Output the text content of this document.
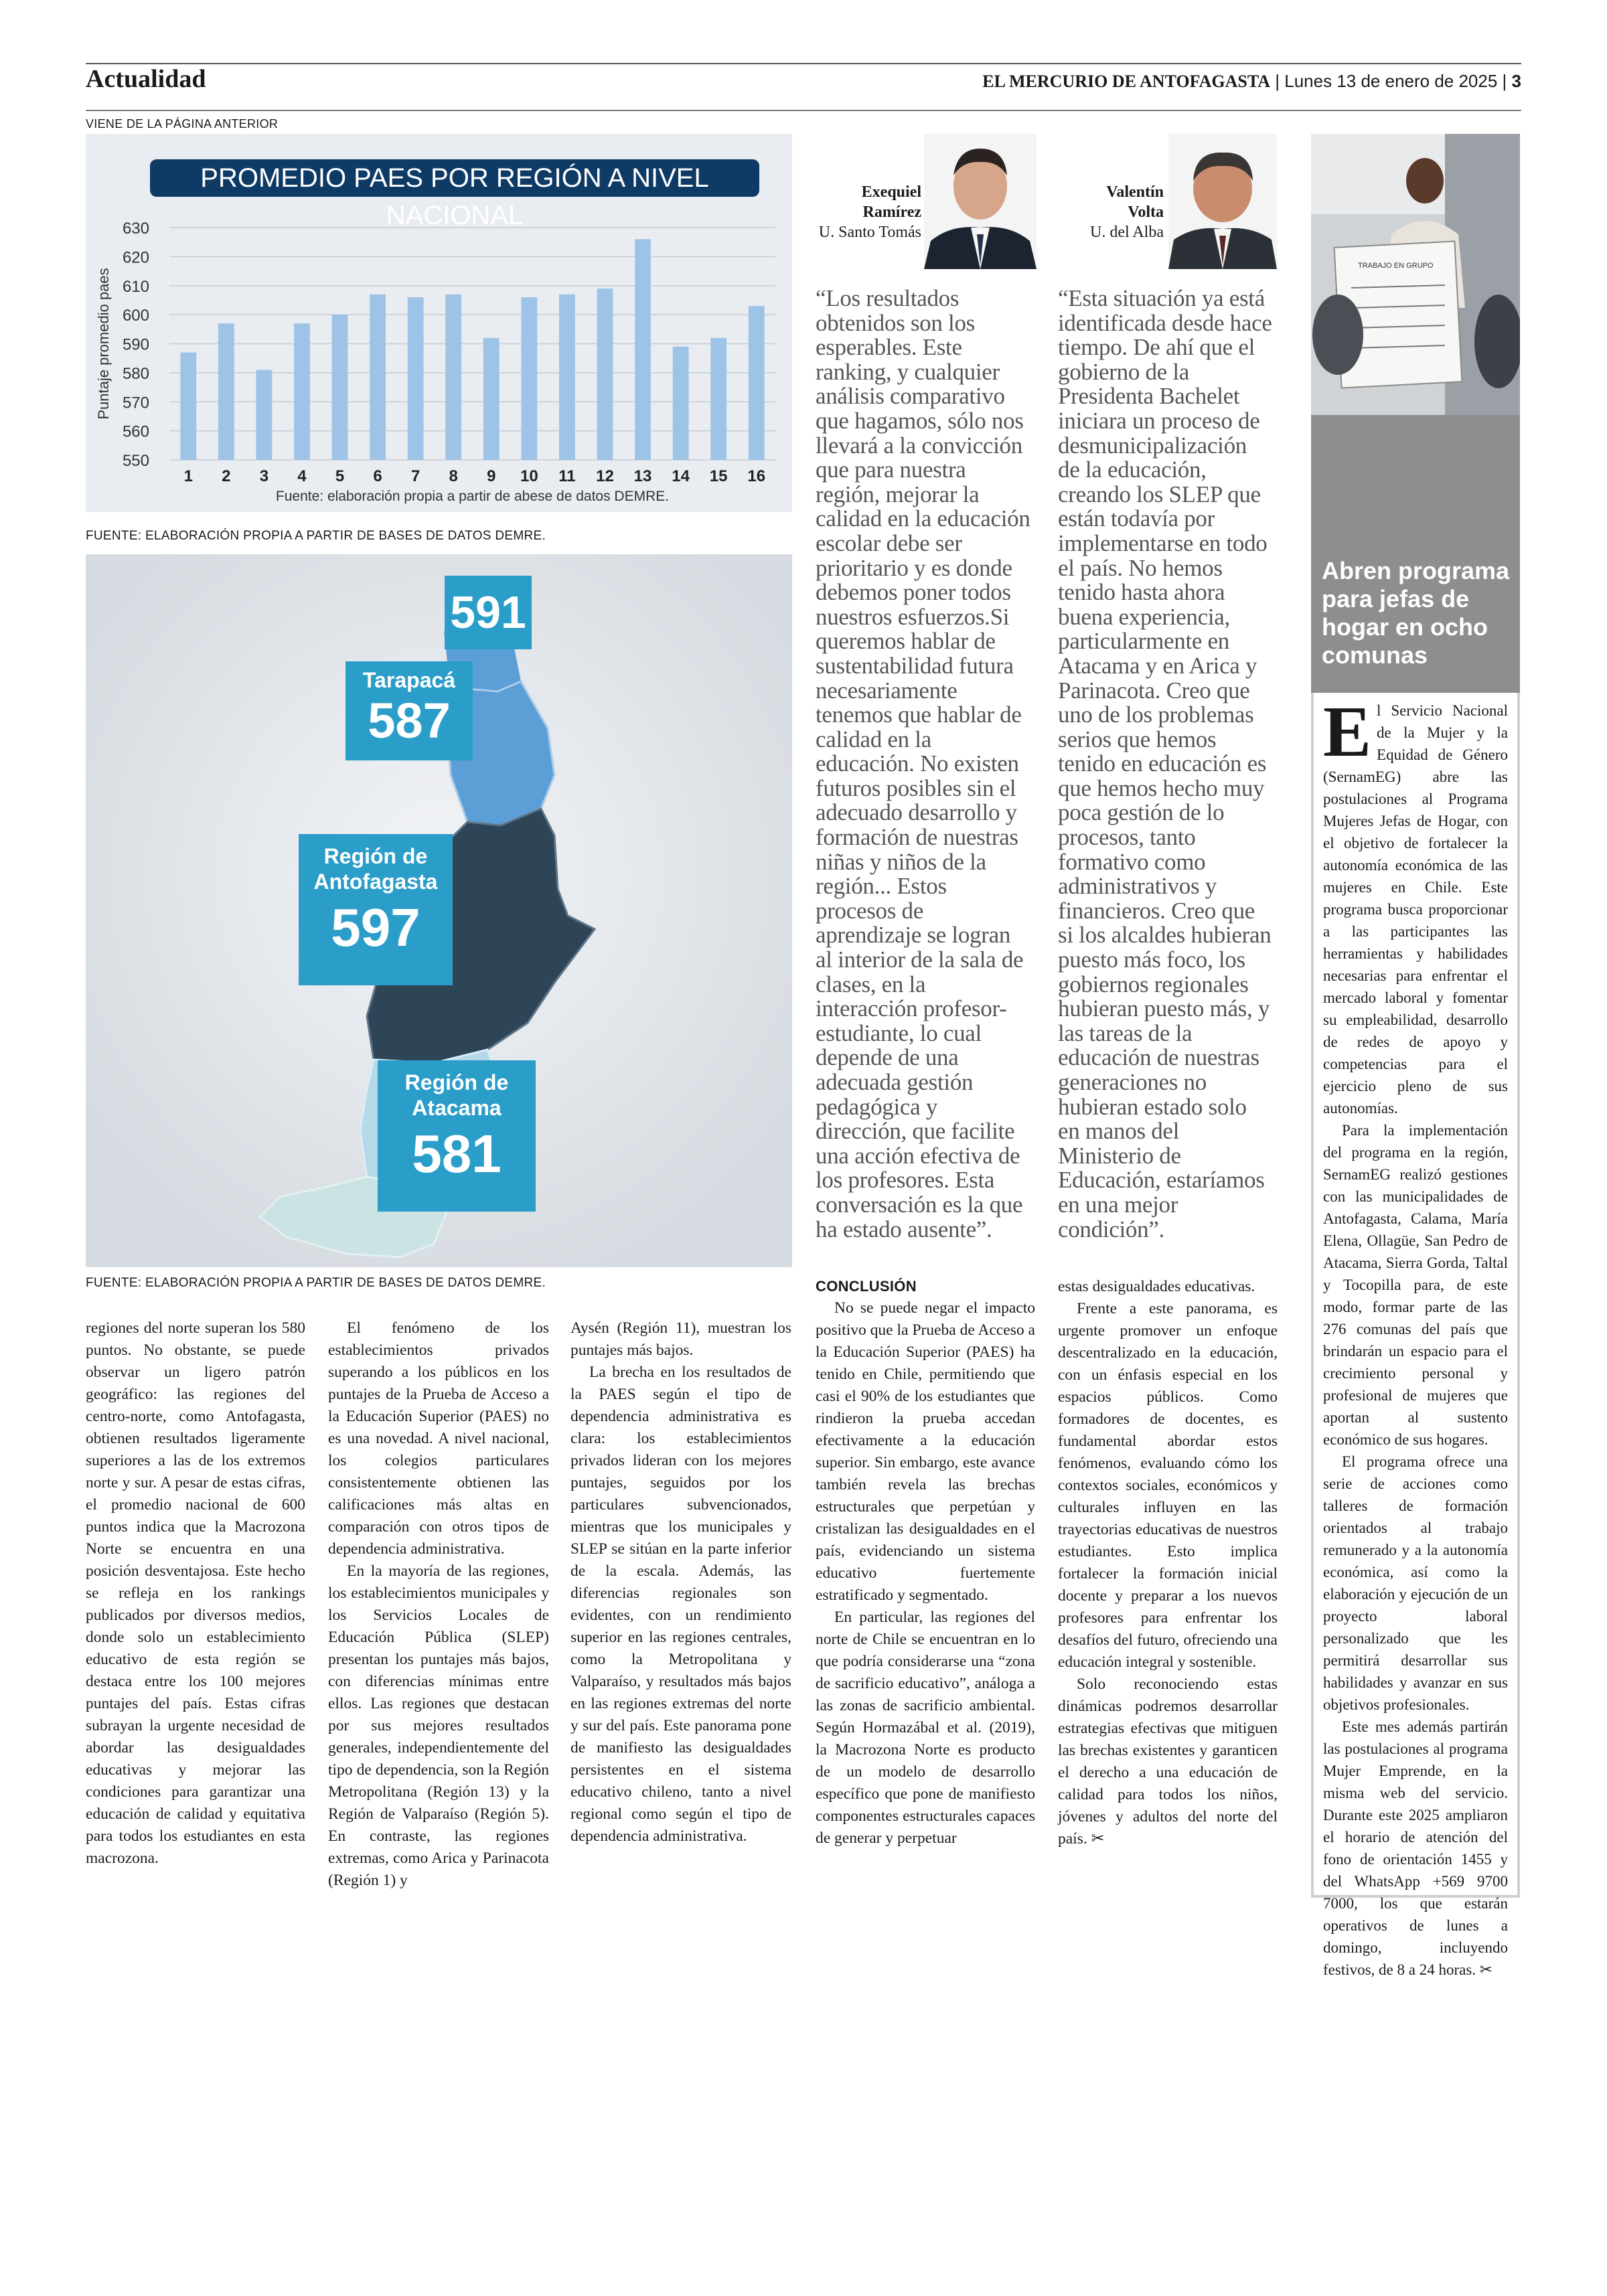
Actualidad	EL MERCURIO DE ANTOFAGASTA | Lunes 13 de enero de 2025 | 3
VIENE DE LA PÁGINA ANTERIOR
PROMEDIO PAES POR REGIÓN A NIVEL NACIONAL
550
560
570
580
590
600
610
620
630
Puntaje promedio paes
1 2 3 4 5 6 7 8 9 10 11 12 13 14 15 16
Fuente: elaboración propia a partir de abese de datos DEMRE.
FUENTE: ELABORACIÓN PROPIA A PARTIR DE BASES DE DATOS DEMRE.
591
Tarapacá
587
Región de Antofagasta
597
Región de Atacama
581
FUENTE: ELABORACIÓN PROPIA A PARTIR DE BASES DE DATOS DEMRE.
Exequiel
Ramírez
U. Santo Tomás
Valentín
Volta
U. del Alba
“Los resultados obtenidos son los esperables. Este ranking, y cualquier análisis comparativo que hagamos, sólo nos llevará a la convicción que para nuestra región, mejorar la calidad en la educación escolar debe ser prioritario y es donde debemos poner todos nuestros esfuerzos.Si queremos hablar de sustentabilidad futura necesariamente tenemos que hablar de calidad en la educación. No existen futuros posibles sin el adecuado desarrollo y formación de nuestras niñas y niños de la región... Estos procesos de aprendizaje se logran al interior de la sala de clases, en la interacción profesor-estudiante, lo cual depende de una adecuada gestión pedagógica y dirección, que facilite una acción efectiva de los profesores. Esta conversación es la que ha estado ausente”.
“Esta situación ya está identificada desde hace tiempo. De ahí que el gobierno de la Presidenta Bachelet iniciara un proceso de desmunicipalización de la educación, creando los SLEP que están todavía por implementarse en todo el país. No hemos tenido hasta ahora buena experiencia, particularmente en Atacama y en Arica y Parinacota. Creo que uno de los problemas serios que hemos tenido en educación es que hemos hecho muy poca gestión de lo procesos, tanto formativo como administrativos y financieros. Creo que si los alcaldes hubieran puesto más foco, los gobiernos regionales hubieran puesto más, y las tareas de la educación de nuestras generaciones no hubieran estado solo en manos del Ministerio de Educación, estaríamos en una mejor condición”.

regiones del norte superan los 580 puntos. No obstante, se puede observar un ligero patrón geográfico: las regiones del centro-norte, como Antofagasta, obtienen resultados ligeramente superiores a las de los extremos norte y sur. A pesar de estas cifras, el promedio nacional de 600 puntos indica que la Macrozona Norte se encuentra en una posición desventajosa. Este hecho se refleja en los rankings publicados por diversos medios, donde solo un establecimiento educativo de esta región se destaca entre los 100 mejores puntajes del país. Estas cifras subrayan la urgente necesidad de abordar las desigualdades educativas y mejorar las condiciones para garantizar una educación de calidad y equitativa para todos los estudiantes en esta macrozona.

El fenómeno de los establecimientos privados superando a los públicos en los puntajes de la Prueba de Acceso a la Educación Superior (PAES) no es una novedad. A nivel nacional, los colegios particulares consistentemente obtienen las calificaciones más altas en comparación con otros tipos de dependencia administrativa.

En la mayoría de las regiones, los establecimientos municipales y los Servicios Locales de Educación Pública (SLEP) presentan los puntajes más bajos, con diferencias mínimas entre ellos. Las regiones que destacan por sus mejores resultados generales, independientemente del tipo de dependencia, son la Región Metropolitana (Región 13) y la Región de Valparaíso (Región 5). En contraste, las regiones extremas, como Arica y Parinacota (Región 1) y

Aysén (Región 11), muestran los puntajes más bajos.

La brecha en los resultados de la PAES según el tipo de dependencia administrativa es clara: los establecimientos privados lideran con los mejores puntajes, seguidos por los particulares subvencionados, mientras que los municipales y SLEP se sitúan en la parte inferior de la escala. Además, las diferencias regionales son evidentes, con un rendimiento superior en las regiones centrales, como la Metropolitana y Valparaíso, y resultados más bajos en las regiones extremas del norte y sur del país. Este panorama pone de manifiesto las desigualdades persistentes en el sistema educativo chileno, tanto a nivel regional como según el tipo de dependencia administrativa.

CONCLUSIÓN

No se puede negar el impacto positivo que la Prueba de Acceso a la Educación Superior (PAES) ha tenido en Chile, permitiendo que casi el 90% de los estudiantes que rindieron la prueba accedan efectivamente a la educación superior. Sin embargo, este avance también revela las brechas estructurales que perpetúan y cristalizan las desigualdades en el país, evidenciando un sistema educativo fuertemente estratificado y segmentado.

En particular, las regiones del norte de Chile se encuentran en lo que podría considerarse una “zona de sacrificio educativo”, análoga a las zonas de sacrificio ambiental. Según Hormazábal et al. (2019), la Macrozona Norte es producto de un modelo de desarrollo específico que pone de manifiesto componentes estructurales capaces de generar y perpetuar

estas desigualdades educativas.

Frente a este panorama, es urgente promover un enfoque descentralizado en la educación, con un énfasis especial en los espacios públicos. Como formadores de docentes, es fundamental abordar estos fenómenos, evaluando cómo los contextos sociales, económicos y culturales influyen en las trayectorias educativas de nuestros estudiantes. Esto implica fortalecer la formación inicial docente y preparar a los nuevos profesores para enfrentar los desafíos del futuro, ofreciendo una educación integral y sostenible.

Solo reconociendo estas dinámicas podremos desarrollar estrategias efectivas que mitiguen las brechas existentes y garanticen el derecho a una educación de calidad para todos los niños, jóvenes y adultos del norte del país. ✂

TRABAJO EN GRUPO
Abren programa para jefas de hogar en ocho comunas

El Servicio Nacional de la Mujer y la Equidad de Género (SernamEG) abre las postulaciones al Programa Mujeres Jefas de Hogar, con el objetivo de fortalecer la autonomía económica de las mujeres en Chile. Este programa busca proporcionar a las participantes las herramientas y habilidades necesarias para enfrentar el mercado laboral y fomentar su empleabilidad, desarrollo de redes de apoyo y competencias para el ejercicio pleno de sus autonomías.

Para la implementación del programa en la región, SernamEG realizó gestiones con las municipalidades de Antofagasta, Calama, María Elena, Ollagüe, San Pedro de Atacama, Sierra Gorda, Taltal y Tocopilla para, de este modo, formar parte de las 276 comunas del país que brindarán un espacio para el crecimiento personal y profesional de mujeres que aportan al sustento económico de sus hogares.

El programa ofrece una serie de acciones como talleres de formación orientados al trabajo remunerado y a la autonomía económica, así como la elaboración y ejecución de un proyecto laboral personalizado que les permitirá desarrollar sus habilidades y avanzar en sus objetivos profesionales.

Este mes además partirán las postulaciones al programa Mujer Emprende, en la misma web del servicio. Durante este 2025 ampliaron el horario de atención del fono de orientación 1455 y del WhatsApp +569 9700 7000, los que estarán operativos de lunes a domingo, incluyendo festivos, de 8 a 24 horas. ✂
